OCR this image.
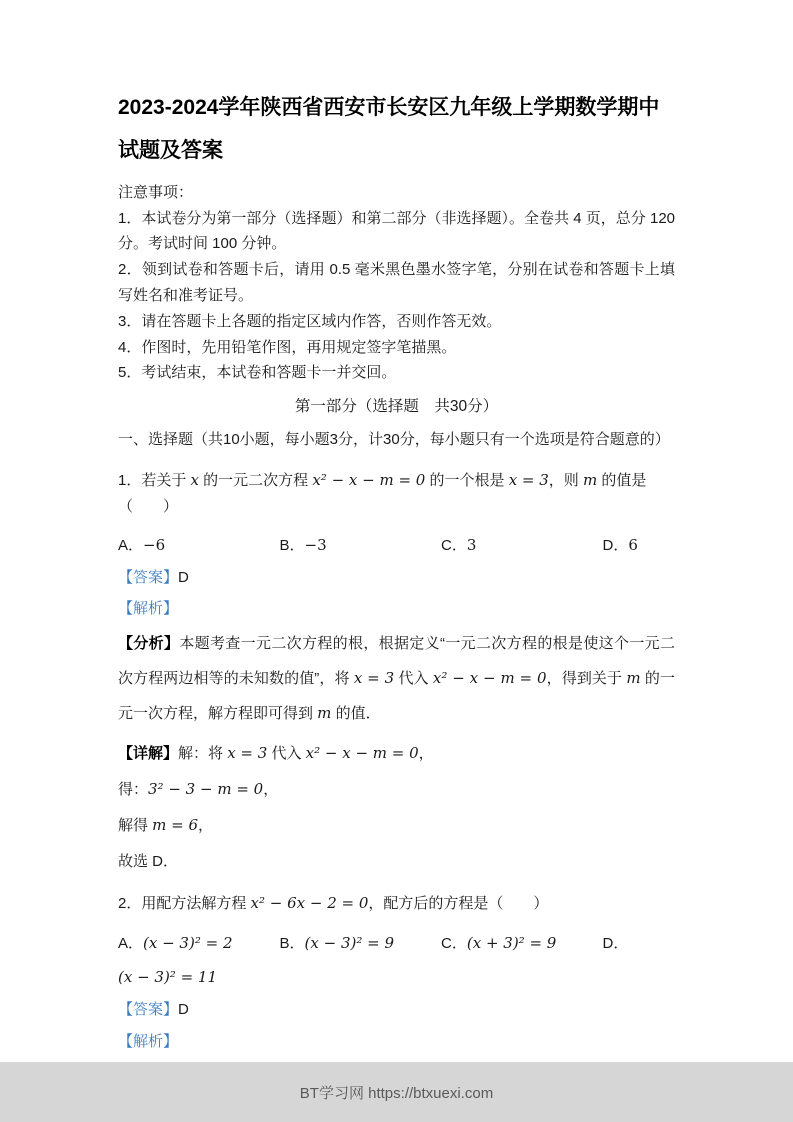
2023-2024学年陕西省西安市长安区九年级上学期数学期中试题及答案

注意事项：

1．本试卷分为第一部分（选择题）和第二部分（非选择题）。全卷共 4 页，总分 120 分。考试时间 100 分钟。

2．领到试卷和答题卡后，请用 0.5 毫米黑色墨水签字笔，分别在试卷和答题卡上填写姓名和准考证号。

3．请在答题卡上各题的指定区域内作答，否则作答无效。

4．作图时，先用铅笔作图，再用规定签字笔描黑。

5．考试结束，本试卷和答题卡一并交回。

第一部分（选择题　共30分）

一、选择题（共10小题，每小题3分，计30分，每小题只有一个选项是符合题意的）

1．若关于 x 的一元二次方程 x² − x − m = 0 的一个根是 x = 3，则 m 的值是（　　）

A．−6	B．−3	C．3	D．6

【答案】D

【解析】

【分析】本题考查一元二次方程的根，根据定义“一元二次方程的根是使这个一元二次方程两边相等的未知数的值”，将 x = 3 代入 x² − x − m = 0，得到关于 m 的一元一次方程，解方程即可得到 m 的值．

【详解】解：将 x = 3 代入 x² − x − m = 0，

得：3² − 3 − m = 0，

解得 m = 6，

故选 D．

2．用配方法解方程 x² − 6x − 2 = 0，配方后的方程是（　　）

A．(x − 3)² = 2	B．(x − 3)² = 9	C．(x + 3)² = 9	D．

(x − 3)² = 11

【答案】D

【解析】

BT学习网 https://btxuexi.com
